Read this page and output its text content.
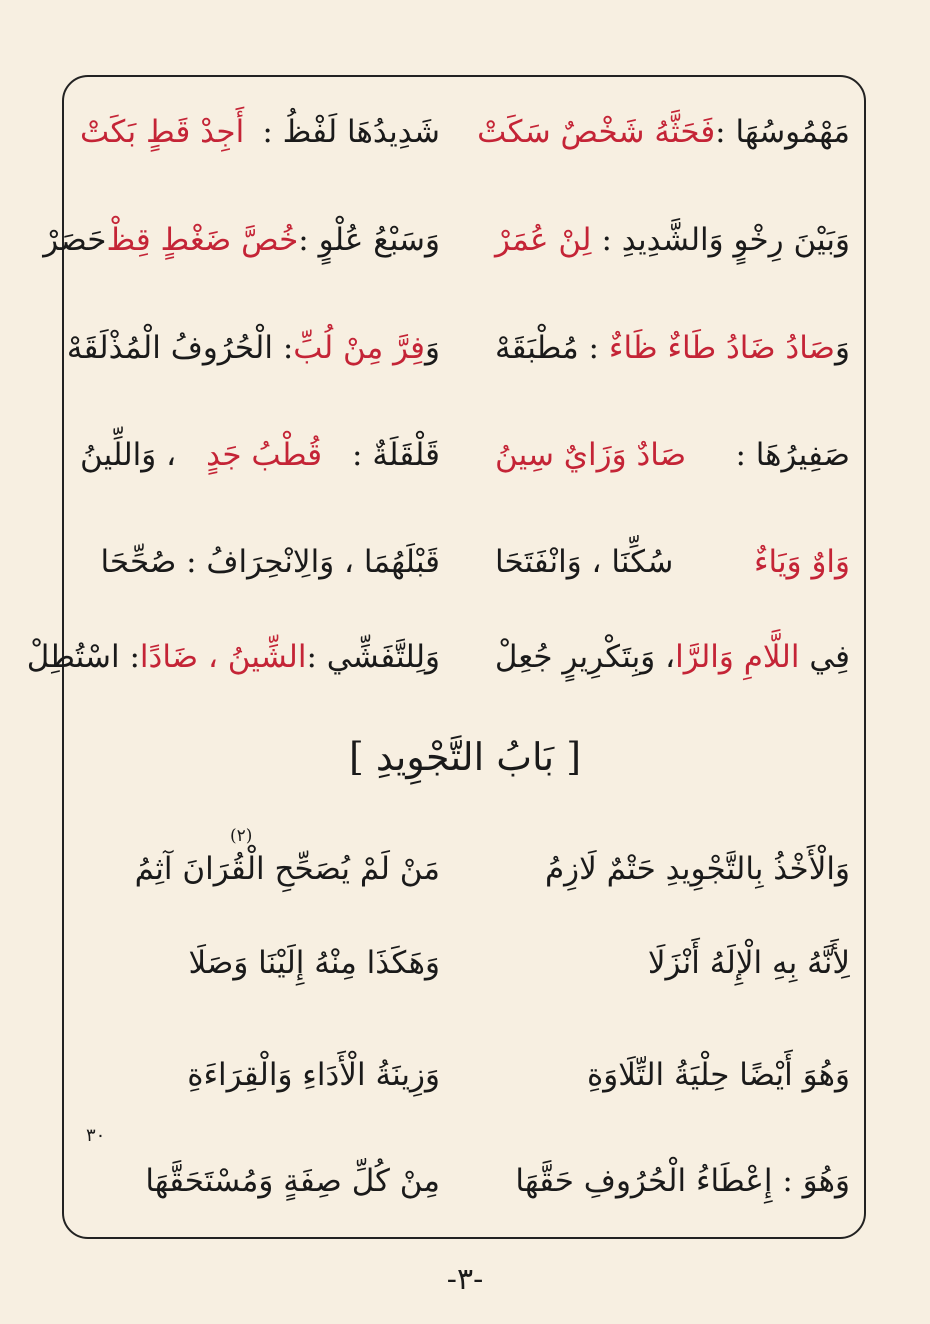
مَهْمُوسُهَا :
فَحَثَّهُ شَخْصٌ سَكَتْ
شَدِيدُهَا لَفْظُ :
أَجِدْ قَطٍ بَكَتْ
وَبَيْنَ رِخْوٍ وَالشَّدِيدِ :
لِنْ عُمَرْ
وَسَبْعُ عُلْوٍ :
خُصَّ ضَغْطٍ قِظْ
حَصَرْ
وَصَادُ ضَادُ طَاءٌ ظَاءٌ
: مُطْبَقَهْ
وَفِرَّ مِنْ لُبِّ
: الْحُرُوفُ الْمُذْلَقَهْ
صَفِيرُهَا :
صَادٌ وَزَايٌ سِينُ
قَلْقَلَةٌ :
قُطْبُ جَدٍ
، وَاللِّينُ
وَاوٌ وَيَاءٌ
سُكِّنَا ، وَانْفَتَحَا
قَبْلَهُمَا ، وَالِانْحِرَافُ : صُحِّحَا
فِي اللَّامِ وَالرَّا
، وَبِتَكْرِيرٍ جُعِلْ
وَلِلتَّفَشِّي :
الشِّينُ ، ضَادًا
: اسْتُطِلْ
[ بَابُ التَّجْوِيدِ ]
وَالْأَخْذُ بِالتَّجْوِيدِ حَتْمٌ لَازِمُ
مَنْ لَمْ يُصَحِّحِ الْقُرَانَ آثِمُ
(٢)
لِأَنَّهُ بِهِ الْإِلَهُ أَنْزَلَا
وَهَكَذَا مِنْهُ إِلَيْنَا وَصَلَا
وَهُوَ أَيْضًا حِلْيَةُ التِّلَاوَةِ
وَزِينَةُ الْأَدَاءِ وَالْقِرَاءَةِ
٣٠
وَهُوَ : إِعْطَاءُ الْحُرُوفِ حَقَّهَا
مِنْ كُلِّ صِفَةٍ وَمُسْتَحَقَّهَا
-٣-
